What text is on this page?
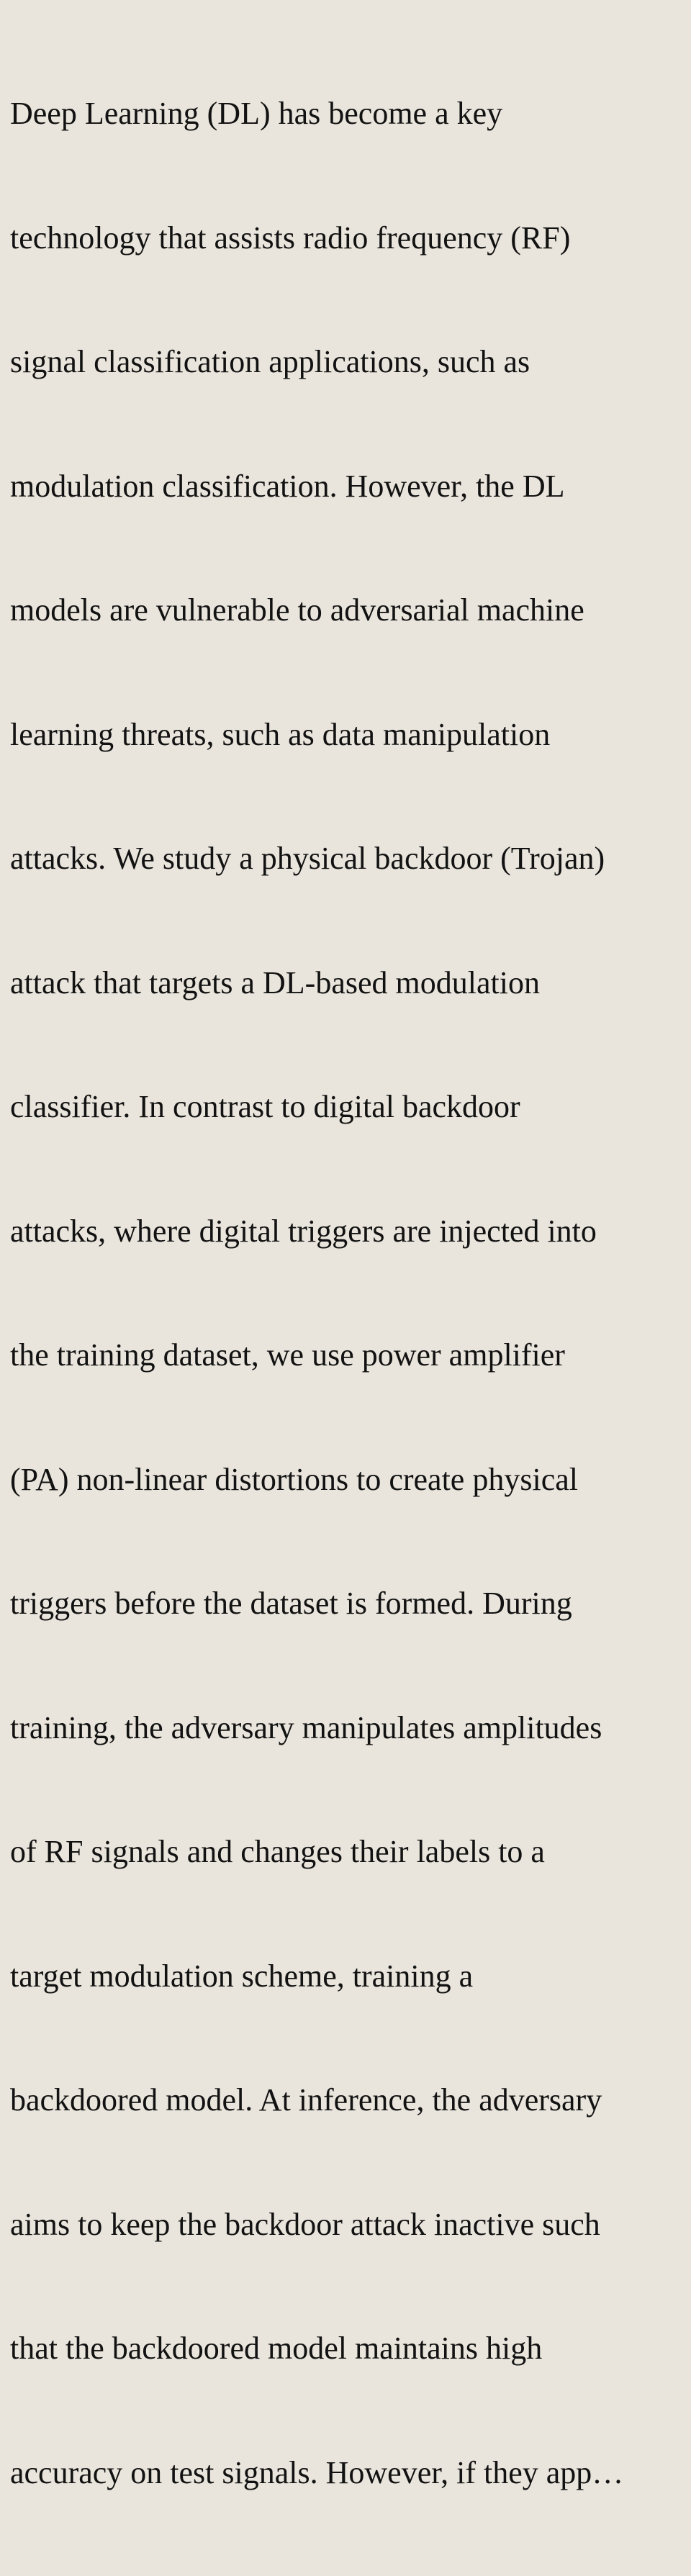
Deep Learning (DL) has become a key

technology that assists radio frequency (RF)

signal classification applications, such as

modulation classification. However, the DL

models are vulnerable to adversarial machine

learning threats, such as data manipulation

attacks. We study a physical backdoor (Trojan)

attack that targets a DL-based modulation

classifier. In contrast to digital backdoor

attacks, where digital triggers are injected into

the training dataset, we use power amplifier

(PA) non-linear distortions to create physical

triggers before the dataset is formed. During

training, the adversary manipulates amplitudes

of RF signals and changes their labels to a

target modulation scheme, training a

backdoored model. At inference, the adversary

aims to keep the backdoor attack inactive such

that the backdoored model maintains high

accuracy on test signals. However, if they app…
